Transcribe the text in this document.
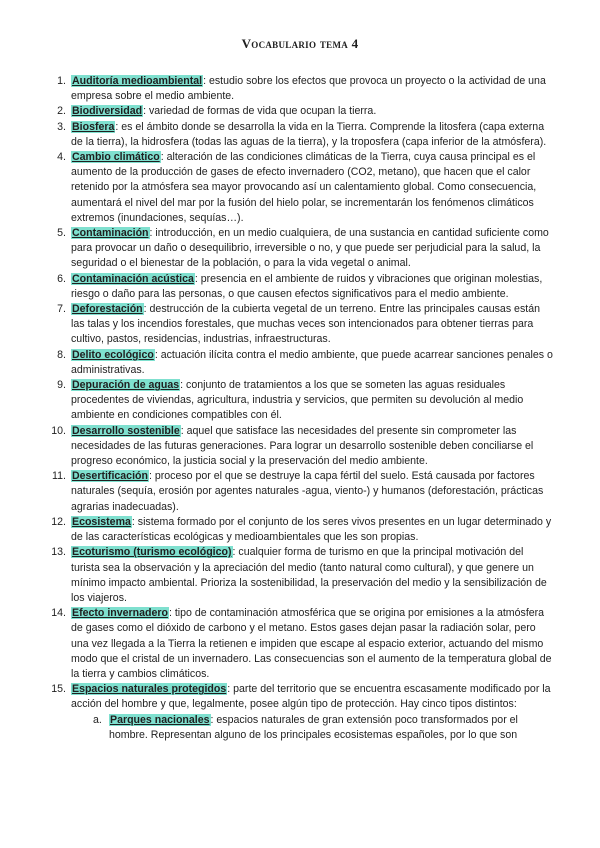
Vocabulario tema 4
1. Auditoría medioambiental: estudio sobre los efectos que provoca un proyecto o la actividad de una empresa sobre el medio ambiente.
2. Biodiversidad: variedad de formas de vida que ocupan la tierra.
3. Biosfera: es el ámbito donde se desarrolla la vida en la Tierra. Comprende la litosfera (capa externa de la tierra), la hidrosfera (todas las aguas de la tierra), y la troposfera (capa inferior de la atmósfera).
4. Cambio climático: alteración de las condiciones climáticas de la Tierra, cuya causa principal es el aumento de la producción de gases de efecto invernadero (CO2, metano), que hacen que el calor retenido por la atmósfera sea mayor provocando así un calentamiento global. Como consecuencia, aumentará el nivel del mar por la fusión del hielo polar, se incrementarán los fenómenos climáticos extremos (inundaciones, sequías…).
5. Contaminación: introducción, en un medio cualquiera, de una sustancia en cantidad suficiente como para provocar un daño o desequilibrio, irreversible o no, y que puede ser perjudicial para la salud, la seguridad o el bienestar de la población, o para la vida vegetal o animal.
6. Contaminación acústica: presencia en el ambiente de ruidos y vibraciones que originan molestias, riesgo o daño para las personas, o que causen efectos significativos para el medio ambiente.
7. Deforestación: destrucción de la cubierta vegetal de un terreno. Entre las principales causas están las talas y los incendios forestales, que muchas veces son intencionados para obtener tierras para cultivo, pastos, residencias, industrias, infraestructuras.
8. Delito ecológico: actuación ilícita contra el medio ambiente, que puede acarrear sanciones penales o administrativas.
9. Depuración de aguas: conjunto de tratamientos a los que se someten las aguas residuales procedentes de viviendas, agricultura, industria y servicios, que permiten su devolución al medio ambiente en condiciones compatibles con él.
10. Desarrollo sostenible: aquel que satisface las necesidades del presente sin comprometer las necesidades de las futuras generaciones. Para lograr un desarrollo sostenible deben conciliarse el progreso económico, la justicia social y la preservación del medio ambiente.
11. Desertificación: proceso por el que se destruye la capa fértil del suelo. Está causada por factores naturales (sequía, erosión por agentes naturales -agua, viento-) y humanos (deforestación, prácticas agrarias inadecuadas).
12. Ecosistema: sistema formado por el conjunto de los seres vivos presentes en un lugar determinado y de las características ecológicas y medioambientales que les son propias.
13. Ecoturismo (turismo ecológico): cualquier forma de turismo en que la principal motivación del turista sea la observación y la apreciación del medio (tanto natural como cultural), y que genere un mínimo impacto ambiental. Prioriza la sostenibilidad, la preservación del medio y la sensibilización de los viajeros.
14. Efecto invernadero: tipo de contaminación atmosférica que se origina por emisiones a la atmósfera de gases como el dióxido de carbono y el metano. Estos gases dejan pasar la radiación solar, pero una vez llegada a la Tierra la retienen e impiden que escape al espacio exterior, actuando del mismo modo que el cristal de un invernadero. Las consecuencias son el aumento de la temperatura global de la tierra y cambios climáticos.
15. Espacios naturales protegidos: parte del territorio que se encuentra escasamente modificado por la acción del hombre y que, legalmente, posee algún tipo de protección. Hay cinco tipos distintos:
a. Parques nacionales: espacios naturales de gran extensión poco transformados por el hombre. Representan alguno de los principales ecosistemas españoles, por lo que son
